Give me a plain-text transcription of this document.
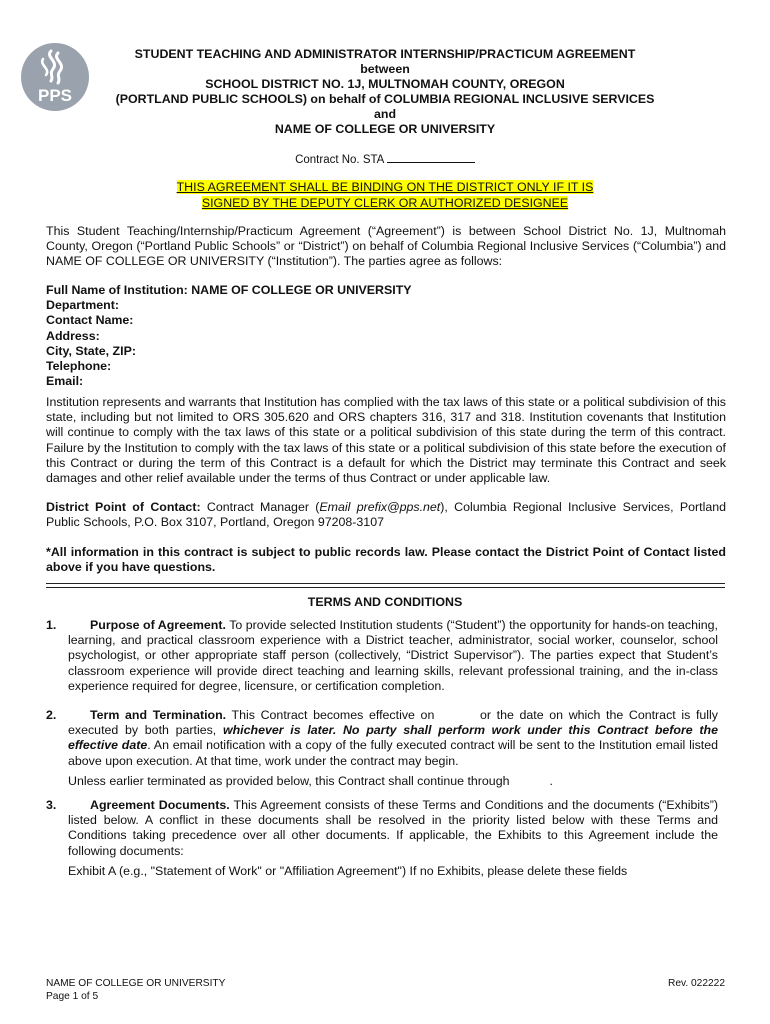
PPS
STUDENT TEACHING AND ADMINISTRATOR INTERNSHIP/PRACTICUM AGREEMENT
between
SCHOOL DISTRICT NO. 1J, MULTNOMAH COUNTY, OREGON
(PORTLAND PUBLIC SCHOOLS) on behalf of COLUMBIA REGIONAL INCLUSIVE SERVICES
and
NAME OF COLLEGE OR UNIVERSITY
Contract No. STA
THIS AGREEMENT SHALL BE BINDING ON THE DISTRICT ONLY IF IT IS
SIGNED BY THE DEPUTY CLERK OR AUTHORIZED DESIGNEE
This Student Teaching/Internship/Practicum Agreement (“Agreement”) is between School District No. 1J, Multnomah County, Oregon (“Portland Public Schools” or “District”) on behalf of Columbia Regional Inclusive Services (“Columbia”) and NAME OF COLLEGE OR UNIVERSITY (“Institution”). The parties agree as follows:
Full Name of Institution: NAME OF COLLEGE OR UNIVERSITY
Department:
Contact Name:
Address:
City, State, ZIP:
Telephone:
Email:
Institution represents and warrants that Institution has complied with the tax laws of this state or a political subdivision of this state, including but not limited to ORS 305.620 and ORS chapters 316, 317 and 318. Institution covenants that Institution will continue to comply with the tax laws of this state or a political subdivision of this state during the term of this contract. Failure by the Institution to comply with the tax laws of this state or a political subdivision of this state before the execution of this Contract or during the term of this Contract is a default for which the District may terminate this Contract and seek damages and other relief available under the terms of thus Contract or under applicable law.
District Point of Contact: Contract Manager (Email prefix@pps.net), Columbia Regional Inclusive Services, Portland Public Schools, P.O. Box 3107, Portland, Oregon 97208-3107
*All information in this contract is subject to public records law. Please contact the District Point of Contact listed above if you have questions.
TERMS AND CONDITIONS
1.	Purpose of Agreement. To provide selected Institution students (“Student”) the opportunity for hands-on teaching, learning, and practical classroom experience with a District teacher, administrator, social worker, counselor, school psychologist, or other appropriate staff person (collectively, “District Supervisor”). The parties expect that Student’s classroom experience will provide direct teaching and learning skills, relevant professional training, and the in-class experience required for degree, licensure, or certification completion.
2.	Term and Termination. This Contract becomes effective on	or the date on which the Contract is fully executed by both parties, whichever is later. No party shall perform work under this Contract before the effective date. An email notification with a copy of the fully executed contract will be sent to the Institution email listed above upon execution. At that time, work under the contract may begin.
Unless earlier terminated as provided below, this Contract shall continue through	.
3.	Agreement Documents. This Agreement consists of these Terms and Conditions and the documents (“Exhibits”) listed below. A conflict in these documents shall be resolved in the priority listed below with these Terms and Conditions taking precedence over all other documents. If applicable, the Exhibits to this Agreement include the following documents:
Exhibit A (e.g., "Statement of Work" or "Affiliation Agreement") If no Exhibits, please delete these fields
NAME OF COLLEGE OR UNIVERSITY
Page 1 of 5
Rev. 022222
